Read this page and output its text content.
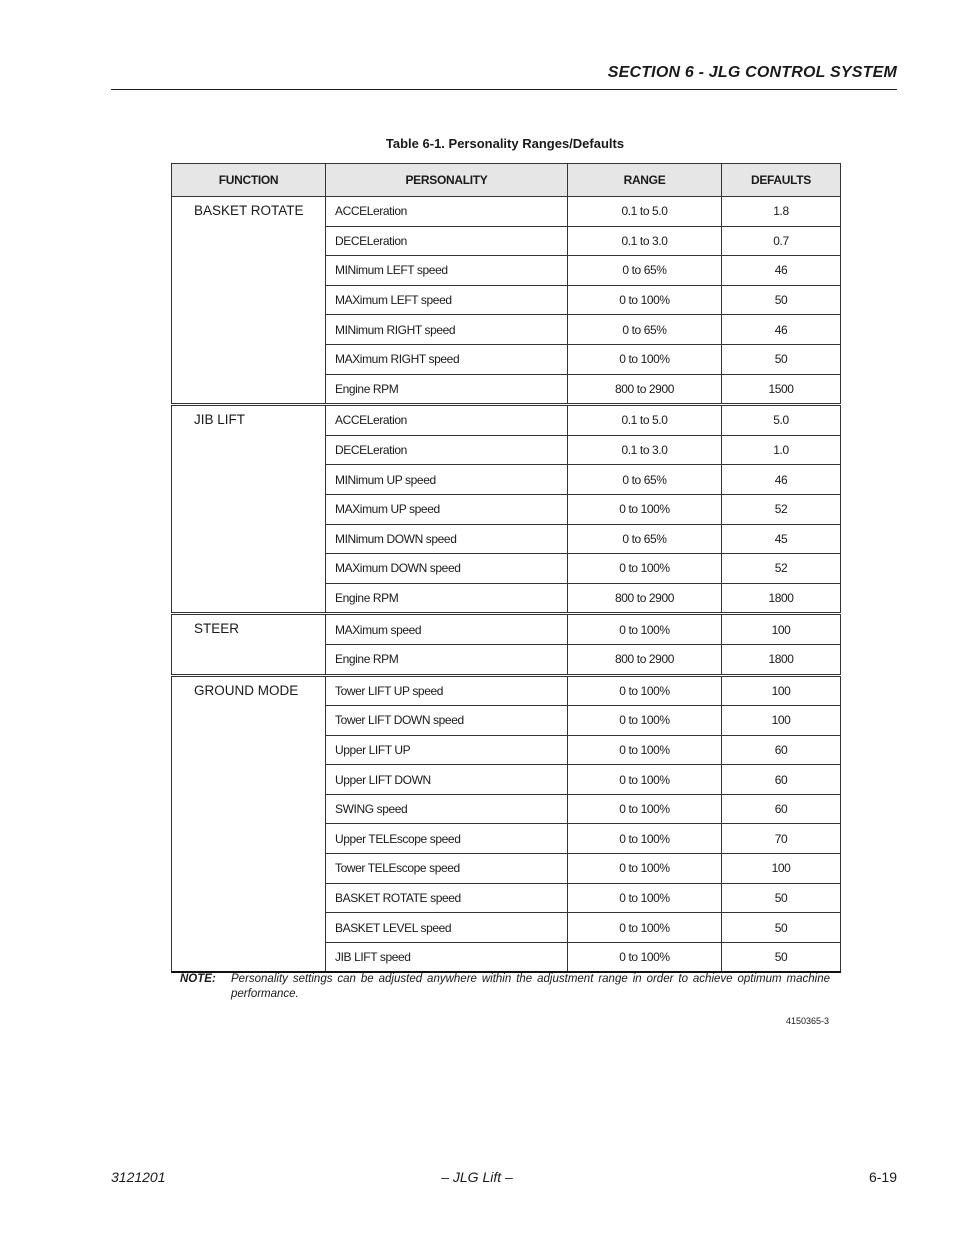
SECTION 6 - JLG CONTROL SYSTEM
Table 6-1. Personality Ranges/Defaults
FUNCTION	PERSONALITY	RANGE	DEFAULTS
BASKET ROTATE	ACCELeration	0.1 to 5.0	1.8
	DECELeration	0.1 to 3.0	0.7
	MINimum LEFT speed	0 to 65%	46
	MAXimum LEFT speed	0 to 100%	50
	MINimum RIGHT speed	0 to 65%	46
	MAXimum RIGHT speed	0 to 100%	50
	Engine RPM	800 to 2900	1500
JIB LIFT	ACCELeration	0.1 to 5.0	5.0
	DECELeration	0.1 to 3.0	1.0
	MINimum UP speed	0 to 65%	46
	MAXimum UP speed	0 to 100%	52
	MINimum DOWN speed	0 to 65%	45
	MAXimum DOWN speed	0 to 100%	52
	Engine RPM	800 to 2900	1800
STEER	MAXimum speed	0 to 100%	100
	Engine RPM	800 to 2900	1800
GROUND MODE	Tower LIFT UP speed	0 to 100%	100
	Tower LIFT DOWN speed	0 to 100%	100
	Upper LIFT UP	0 to 100%	60
	Upper LIFT DOWN	0 to 100%	60
	SWING speed	0 to 100%	60
	Upper TELEscope speed	0 to 100%	70
	Tower TELEscope speed	0 to 100%	100
	BASKET ROTATE speed	0 to 100%	50
	BASKET LEVEL speed	0 to 100%	50
	JIB LIFT speed	0 to 100%	50
NOTE: Personality settings can be adjusted anywhere within the adjustment range in order to achieve optimum machine performance.
4150365-3
3121201	– JLG Lift –	6-19
